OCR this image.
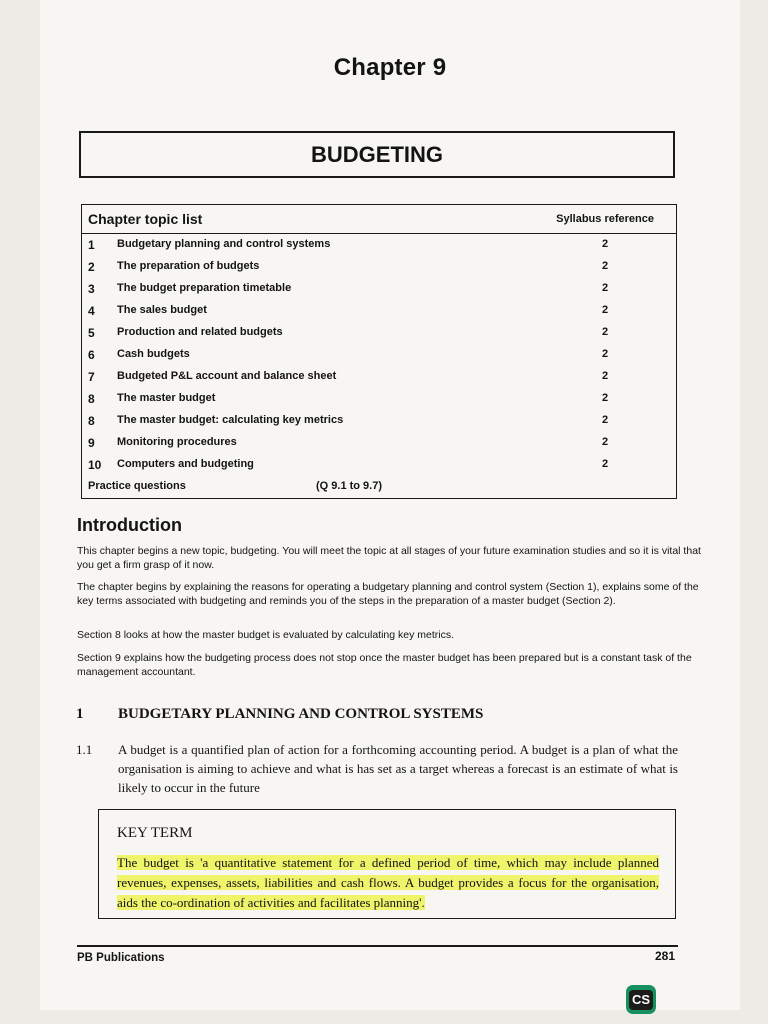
Chapter 9
BUDGETING
Chapter topic list	Syllabus reference
1 Budgetary planning and control systems	2
2 The preparation of budgets	2
3 The budget preparation timetable	2
4 The sales budget	2
5 Production and related budgets	2
6 Cash budgets	2
7 Budgeted P&L account and balance sheet	2
8 The master budget	2
8 The master budget: calculating key metrics	2
9 Monitoring procedures	2
10 Computers and budgeting	2
Practice questions	(Q 9.1 to 9.7)
Introduction
This chapter begins a new topic, budgeting. You will meet the topic at all stages of your future examination studies and so it is vital that you get a firm grasp of it now.
The chapter begins by explaining the reasons for operating a budgetary planning and control system (Section 1), explains some of the key terms associated with budgeting and reminds you of the steps in the preparation of a master budget (Section 2).
Section 8 looks at how the master budget is evaluated by calculating key metrics.
Section 9 explains how the budgeting process does not stop once the master budget has been prepared but is a constant task of the management accountant.
1 BUDGETARY PLANNING AND CONTROL SYSTEMS
1.1 A budget is a quantified plan of action for a forthcoming accounting period. A budget is a plan of what the organisation is aiming to achieve and what is has set as a target whereas a forecast is an estimate of what is likely to occur in the future
KEY TERM
The budget is 'a quantitative statement for a defined period of time, which may include planned revenues, expenses, assets, liabilities and cash flows. A budget provides a focus for the organisation, aids the co-ordination of activities and facilitates planning'.
PB Publications	281
CS
